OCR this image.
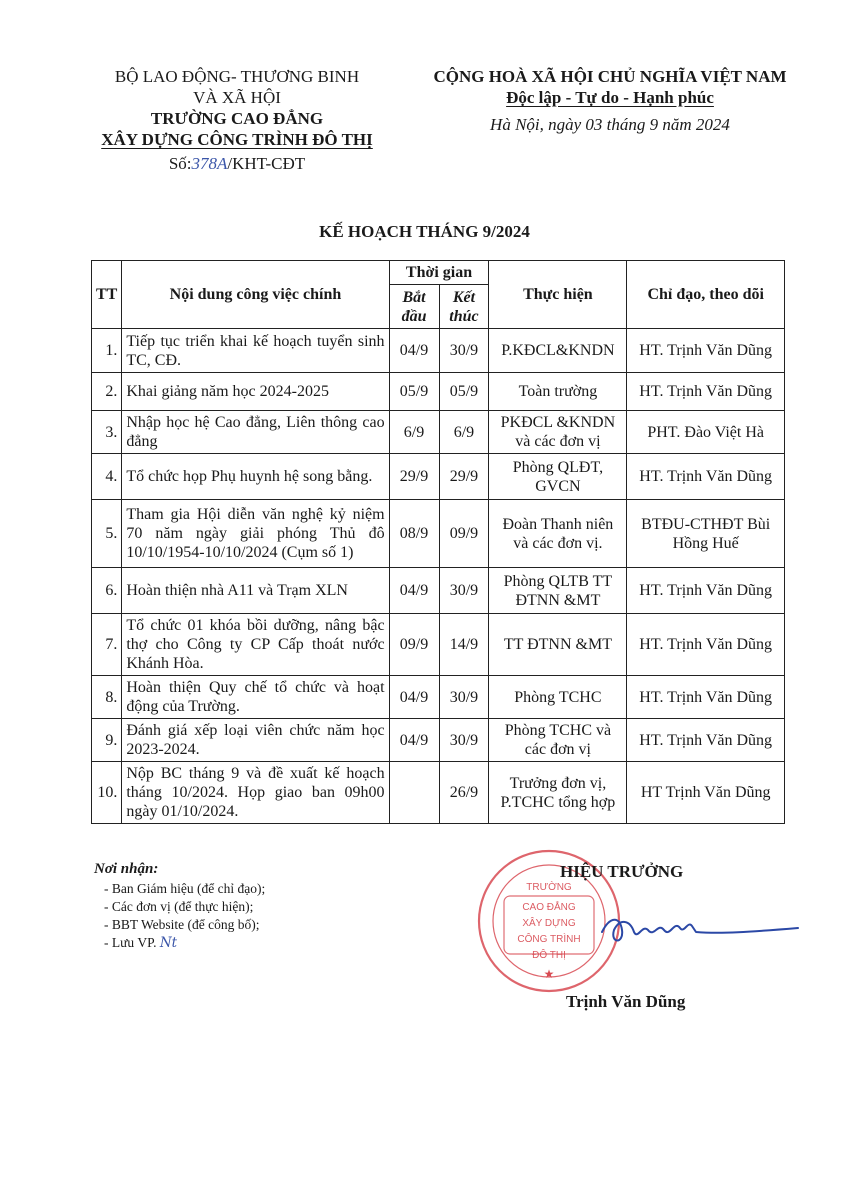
BỘ LAO ĐỘNG- THƯƠNG BINH
VÀ XÃ HỘI
TRƯỜNG CAO ĐẲNG
XÂY DỰNG CÔNG TRÌNH ĐÔ THỊ
Số:378A/KHT-CĐT
CỘNG HOÀ XÃ HỘI CHỦ NGHĨA VIỆT NAM
Độc lập - Tự do - Hạnh phúc
Hà Nội, ngày 03 tháng 9 năm 2024
KẾ HOẠCH THÁNG 9/2024
TT	Nội dung công việc chính	Thời gian		Thực hiện	Chỉ đạo, theo dõi
		Bắt đầu	Kết thúc		
1.	Tiếp tục triển khai kế hoạch tuyển sinh TC, CĐ.	04/9	30/9	P.KĐCL&KNDN	HT. Trịnh Văn Dũng
2.	Khai giảng năm học 2024-2025	05/9	05/9	Toàn trường	HT. Trịnh Văn Dũng
3.	Nhập học hệ Cao đẳng, Liên thông cao đẳng	6/9	6/9	PKĐCL &KNDN và các đơn vị	PHT. Đào Việt Hà
4.	Tổ chức họp Phụ huynh hệ song bằng.	29/9	29/9	Phòng QLĐT, GVCN	HT. Trịnh Văn Dũng
5.	Tham gia Hội diễn văn nghệ kỷ niệm 70 năm ngày giải phóng Thủ đô 10/10/1954-10/10/2024 (Cụm số 1)	08/9	09/9	Đoàn Thanh niên và các đơn vị.	BTĐU-CTHĐT Bùi Hồng Huế
6.	Hoàn thiện nhà A11 và Trạm XLN	04/9	30/9	Phòng QLTB TT ĐTNN &MT	HT. Trịnh Văn Dũng
7.	Tổ chức 01 khóa bồi dưỡng, nâng bậc thợ cho Công ty CP Cấp thoát nước Khánh Hòa.	09/9	14/9	TT ĐTNN &MT	HT. Trịnh Văn Dũng
8.	Hoàn thiện Quy chế tổ chức và hoạt động của Trường.	04/9	30/9	Phòng TCHC	HT. Trịnh Văn Dũng
9.	Đánh giá xếp loại viên chức năm học 2023-2024.	04/9	30/9	Phòng TCHC và các đơn vị	HT. Trịnh Văn Dũng
10.	Nộp BC tháng 9 và đề xuất kế hoạch tháng 10/2024. Họp giao ban 09h00 ngày 01/10/2024.		26/9	Trưởng đơn vị, P.TCHC tổng hợp	HT Trịnh Văn Dũng
Nơi nhận:
- Ban Giám hiệu (để chỉ đạo);
- Các đơn vị (để thực hiện);
- BBT Website (để công bố);
- Lưu VP. Nt
TRƯỜNG CAO ĐẲNG XÂY DỰNG CÔNG TRÌNH ĐÔ THỊ
★
HIỆU TRƯỞNG
Trịnh Văn Dũng
